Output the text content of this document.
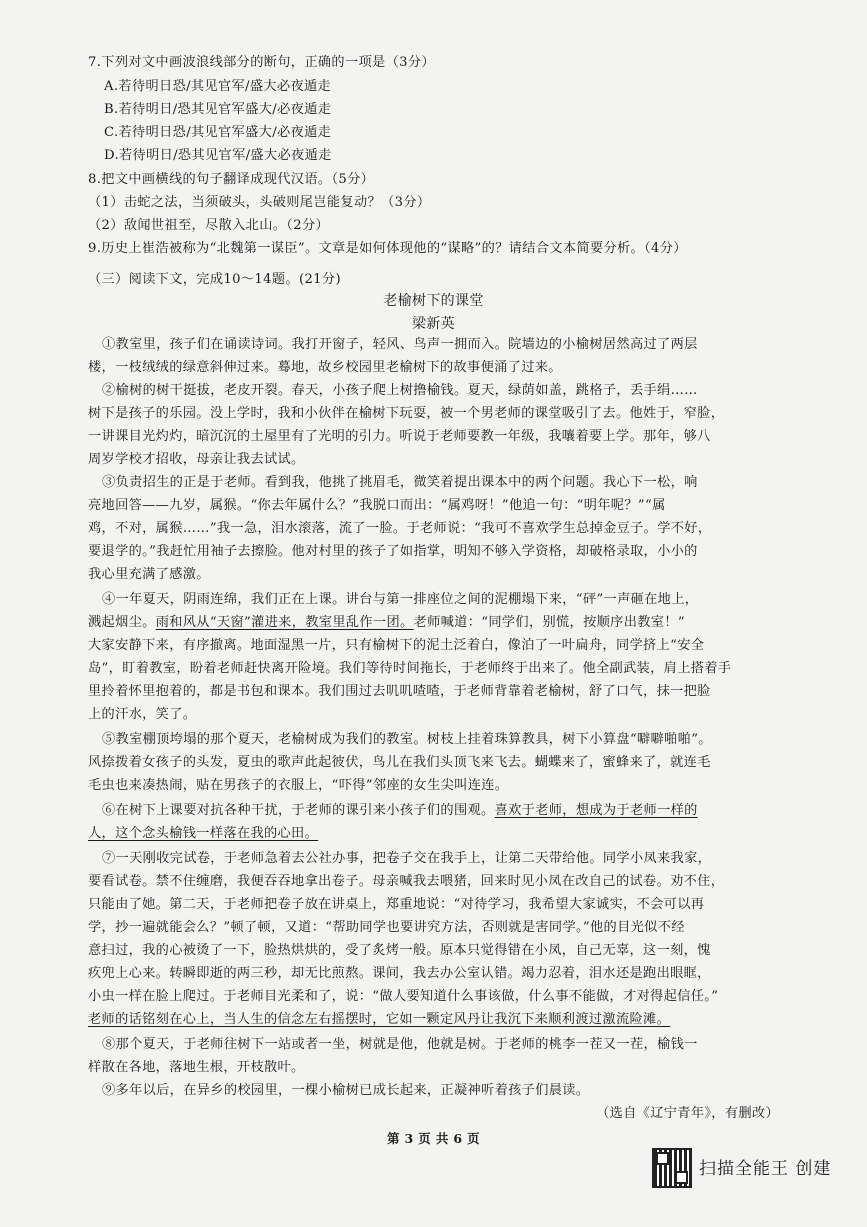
7.下列对文中画波浪线部分的断句，正确的一项是（3分）
A.若待明日恐/其见官军/盛大必夜遁走
B.若待明日/恐其见官军盛大/必夜遁走
C.若待明日恐/其见官军盛大/必夜遁走
D.若待明日/恐其见官军/盛大必夜遁走
8.把文中画横线的句子翻译成现代汉语。（5分）
（1）击蛇之法，当须破头，头破则尾岂能复动？（3分）
（2）敌闻世祖至，尽散入北山。（2分）
9.历史上崔浩被称为“北魏第一谋臣”。文章是如何体现他的“谋略”的？请结合文本简要分析。（4分）
（三）阅读下文，完成10～14题。(21分)
老榆树下的课堂
梁新英
①教室里，孩子们在诵读诗词。我打开窗子，轻风、鸟声一拥而入。院墙边的小榆树居然高过了两层
楼，一枝绒绒的绿意斜伸过来。蓦地，故乡校园里老榆树下的故事便涌了过来。
②榆树的树干挺拔，老皮开裂。春天，小孩子爬上树撸榆钱。夏天，绿荫如盖，跳格子，丢手绢……
树下是孩子的乐园。没上学时，我和小伙伴在榆树下玩耍，被一个男老师的课堂吸引了去。他姓于，窄脸，
一讲课目光灼灼，暗沉沉的土屋里有了光明的引力。听说于老师要教一年级，我嚷着要上学。那年，够八
周岁学校才招收，母亲让我去试试。
③负责招生的正是于老师。看到我，他挑了挑眉毛，微笑着提出课本中的两个问题。我心下一松，响
亮地回答——九岁，属猴。“你去年属什么？”我脱口而出：“属鸡呀！”他追一句：“明年呢？”“属
鸡，不对，属猴……”我一急，泪水滚落，流了一脸。于老师说：“我可不喜欢学生总掉金豆子。学不好，
要退学的。”我赶忙用袖子去擦脸。他对村里的孩子了如指掌，明知不够入学资格，却破格录取，小小的
我心里充满了感激。
④一年夏天，阴雨连绵，我们正在上课。讲台与第一排座位之间的泥棚塌下来，“砰”一声砸在地上，
溅起烟尘。雨和风从“天窗”灌进来，教室里乱作一团。老师喊道：“同学们，别慌，按顺序出教室！”
大家安静下来，有序撤离。地面湿黑一片，只有榆树下的泥土泛着白，像泊了一叶扁舟，同学挤上“安全
岛”，盯着教室，盼着老师赶快离开险境。我们等待时间拖长，于老师终于出来了。他全副武装，肩上搭着手
里拎着怀里抱着的，都是书包和课本。我们围过去叽叽喳喳，于老师背靠着老榆树，舒了口气，抹一把脸
上的汗水，笑了。
⑤教室棚顶垮塌的那个夏天，老榆树成为我们的教室。树枝上挂着珠算教具，树下小算盘“噼噼啪啪”。
风捺拨着女孩子的头发，夏虫的歌声此起彼伏，鸟儿在我们头顶飞来飞去。蝴蝶来了，蜜蜂来了，就连毛
毛虫也来凑热闹，贴在男孩子的衣服上，“吓得”邻座的女生尖叫连连。
⑥在树下上课要对抗各种干扰，于老师的课引来小孩子们的围观。喜欢于老师，想成为于老师一样的
人，这个念头榆钱一样落在我的心田。
⑦一天刚收完试卷，于老师急着去公社办事，把卷子交在我手上，让第二天带给他。同学小凤来我家，
要看试卷。禁不住缠磨，我便吞吞地拿出卷子。母亲喊我去喂猪，回来时见小凤在改自己的试卷。劝不住，
只能由了她。第二天，于老师把卷子放在讲桌上，郑重地说：“对待学习，我希望大家诚实，不会可以再
学，抄一遍就能会么？”顿了顿，又道：“帮助同学也要讲究方法，否则就是害同学。”他的目光似不经
意扫过，我的心被烫了一下，脸热烘烘的，受了炙烤一般。原本只觉得错在小凤，自己无辜，这一刻，愧
疚兜上心来。转瞬即逝的两三秒，却无比煎熬。课间，我去办公室认错。竭力忍着，泪水还是跑出眼眶，
小虫一样在脸上爬过。于老师目光柔和了，说：“做人要知道什么事该做，什么事不能做，才对得起信任。”
老师的话铭刻在心上，当人生的信念左右摇摆时，它如一颗定风丹让我沉下来顺利渡过激流险滩。
⑧那个夏天，于老师往树下一站或者一坐，树就是他，他就是树。于老师的桃李一茬又一茬，榆钱一
样散在各地，落地生根，开枝散叶。
⑨多年以后，在异乡的校园里，一棵小榆树已成长起来，正凝神听着孩子们晨读。
（选自《辽宁青年》，有删改）
第 3 页 共 6 页
扫描全能王 创建
